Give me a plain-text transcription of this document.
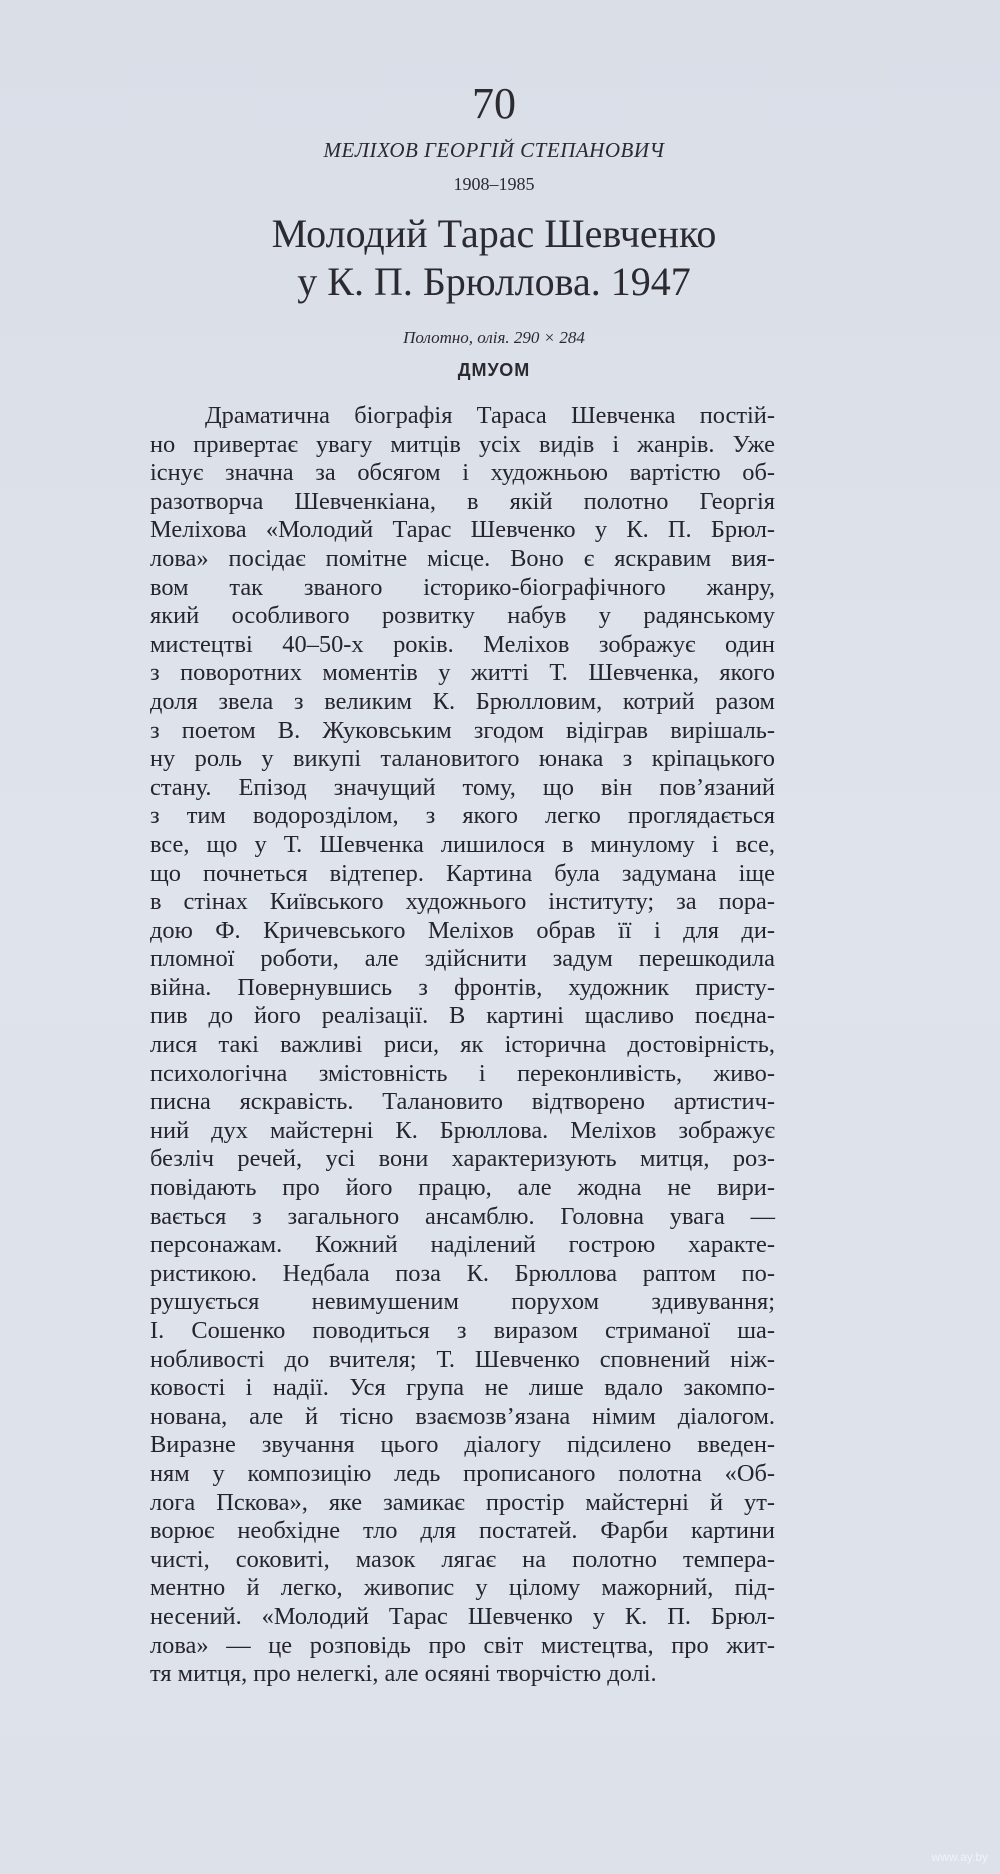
70
МЕЛІХОВ ГЕОРГІЙ СТЕПАНОВИЧ
1908–1985
Молодий Тарас Шевченко
у К. П. Брюллова. 1947
Полотно, олія. 290 × 284
ДМУОМ
Драматична біографія Тараса Шевченка постій-
но привертає увагу митців усіх видів і жанрів. Уже
існує значна за обсягом і художньою вартістю об-
разотворча Шевченкіана, в якій полотно Георгія
Меліхова «Молодий Тарас Шевченко у К. П. Брюл-
лова» посідає помітне місце. Воно є яскравим вия-
вом так званого історико-біографічного жанру,
який особливого розвитку набув у радянському
мистецтві 40–50-х років. Меліхов зображує один
з поворотних моментів у житті Т. Шевченка, якого
доля звела з великим К. Брюлловим, котрий разом
з поетом В. Жуковським згодом відіграв вирішаль-
ну роль у викупі талановитого юнака з кріпацького
стану. Епізод значущий тому, що він пов’язаний
з тим водорозділом, з якого легко проглядається
все, що у Т. Шевченка лишилося в минулому і все,
що почнеться відтепер. Картина була задумана іще
в стінах Київського художнього інституту; за пора-
дою Ф. Кричевського Меліхов обрав її і для ди-
пломної роботи, але здійснити задум перешкодила
війна. Повернувшись з фронтів, художник присту-
пив до його реалізації. В картині щасливо поєдна-
лися такі важливі риси, як історична достовірність,
психологічна змістовність і переконливість, живо-
писна яскравість. Талановито відтворено артистич-
ний дух майстерні К. Брюллова. Меліхов зображує
безліч речей, усі вони характеризують митця, роз-
повідають про його працю, але жодна не вири-
вається з загального ансамблю. Головна увага —
персонажам. Кожний наділений гострою характе-
ристикою. Недбала поза К. Брюллова раптом по-
рушується невимушеним порухом здивування;
І. Сошенко поводиться з виразом стриманої ша-
нобливості до вчителя; Т. Шевченко сповнений ніж-
ковості і надії. Уся група не лише вдало закомпо-
нована, але й тісно взаємозв’язана німим діалогом.
Виразне звучання цього діалогу підсилено введен-
ням у композицію ледь прописаного полотна «Об-
лога Пскова», яке замикає простір майстерні й ут-
ворює необхідне тло для постатей. Фарби картини
чисті, соковиті, мазок лягає на полотно темпера-
ментно й легко, живопис у цілому мажорний, під-
несений. «Молодий Тарас Шевченко у К. П. Брюл-
лова» — це розповідь про світ мистецтва, про жит-
тя митця, про нелегкі, але осяяні творчістю долі.
www.ay.by
